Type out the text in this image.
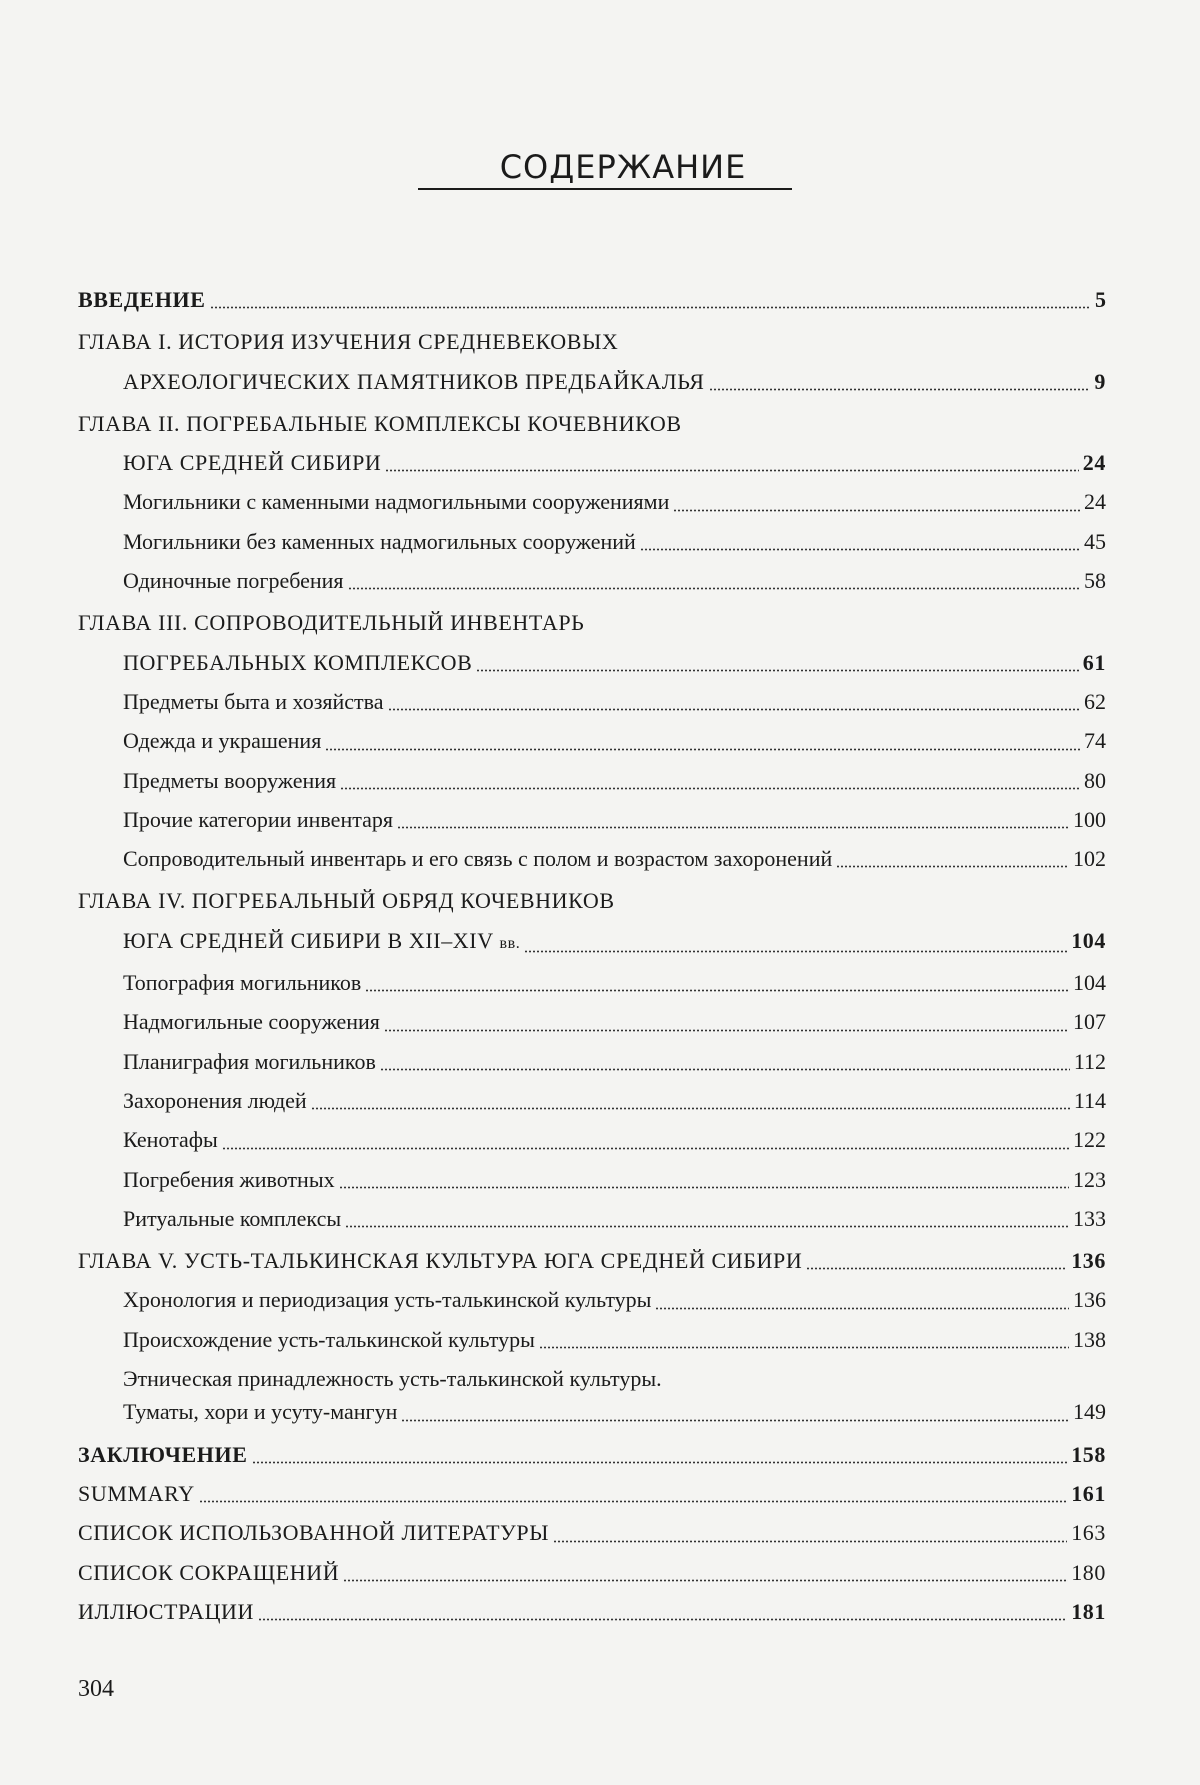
СОДЕРЖАНИЕ
ВВЕДЕНИЕ	5
ГЛАВА I. ИСТОРИЯ ИЗУЧЕНИЯ СРЕДНЕВЕКОВЫХ
АРХЕОЛОГИЧЕСКИХ ПАМЯТНИКОВ ПРЕДБАЙКАЛЬЯ	9
ГЛАВА II. ПОГРЕБАЛЬНЫЕ КОМПЛЕКСЫ КОЧЕВНИКОВ
ЮГА СРЕДНЕЙ СИБИРИ	24
Могильники с каменными надмогильными сооружениями	24
Могильники без каменных надмогильных сооружений	45
Одиночные погребения	58
ГЛАВА III. СОПРОВОДИТЕЛЬНЫЙ ИНВЕНТАРЬ
ПОГРЕБАЛЬНЫХ КОМПЛЕКСОВ	61
Предметы быта и хозяйства	62
Одежда и украшения	74
Предметы вооружения	80
Прочие категории инвентаря	100
Сопроводительный инвентарь и его связь с полом и возрастом захоронений	102
ГЛАВА IV. ПОГРЕБАЛЬНЫЙ ОБРЯД КОЧЕВНИКОВ
ЮГА СРЕДНЕЙ СИБИРИ В XII–XIV вв.	104
Топография могильников	104
Надмогильные сооружения	107
Планиграфия могильников	112
Захоронения людей	114
Кенотафы	122
Погребения животных	123
Ритуальные комплексы	133
ГЛАВА V. УСТЬ-ТАЛЬКИНСКАЯ КУЛЬТУРА ЮГА СРЕДНЕЙ СИБИРИ	136
Хронология и периодизация усть-талькинской культуры	136
Происхождение усть-талькинской культуры	138
Этническая принадлежность усть-талькинской культуры.
Туматы, хори и усуту-мангун	149
ЗАКЛЮЧЕНИЕ	158
SUMMARY	161
СПИСОК ИСПОЛЬЗОВАННОЙ ЛИТЕРАТУРЫ	163
СПИСОК СОКРАЩЕНИЙ	180
ИЛЛЮСТРАЦИИ	181
304
